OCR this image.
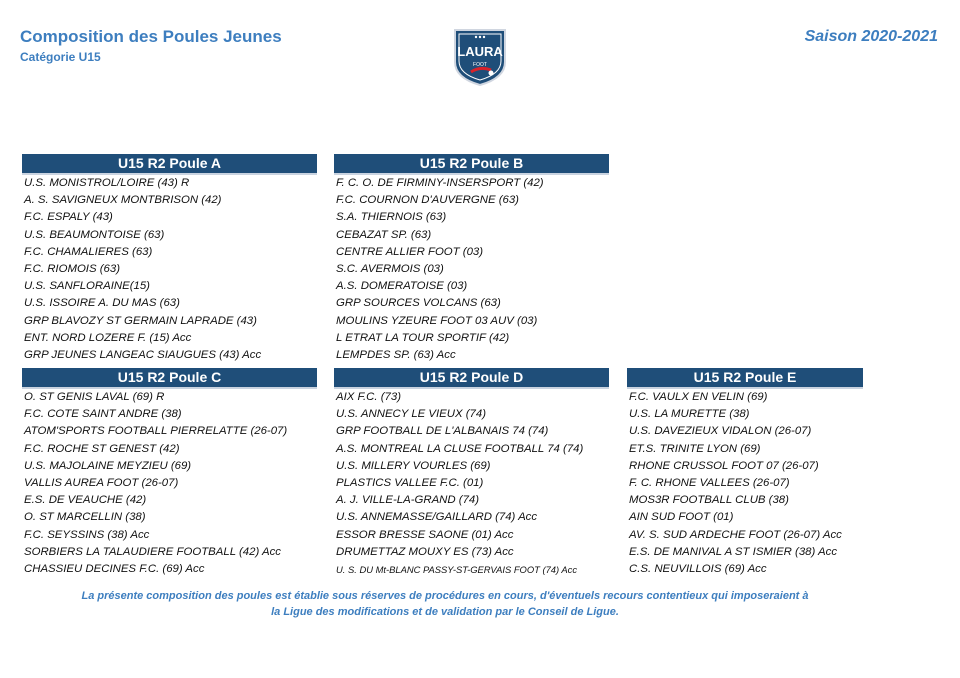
Composition des Poules Jeunes
Catégorie U15
Saison 2020-2021
LAURA
FOOT
U15 R2 Poule A
U.S. MONISTROL/LOIRE (43) R
A. S. SAVIGNEUX MONTBRISON (42)
F.C. ESPALY (43)
U.S. BEAUMONTOISE (63)
F.C. CHAMALIERES (63)
F.C. RIOMOIS (63)
U.S. SANFLORAINE(15)
U.S. ISSOIRE A. DU MAS (63)
GRP BLAVOZY ST GERMAIN LAPRADE (43)
ENT. NORD LOZERE F. (15) Acc
GRP JEUNES LANGEAC SIAUGUES (43) Acc
U15 R2 Poule B
F. C. O. DE FIRMINY-INSERSPORT (42)
F.C. COURNON D'AUVERGNE (63)
S.A. THIERNOIS (63)
CEBAZAT SP. (63)
CENTRE ALLIER FOOT (03)
S.C. AVERMOIS (03)
A.S. DOMERATOISE (03)
GRP SOURCES VOLCANS (63)
MOULINS YZEURE FOOT 03 AUV (03)
L ETRAT LA TOUR SPORTIF (42)
LEMPDES SP. (63) Acc
U15 R2 Poule C
O. ST GENIS LAVAL (69) R
F.C. COTE SAINT ANDRE (38)
ATOM'SPORTS FOOTBALL PIERRELATTE (26-07)
F.C. ROCHE ST GENEST (42)
U.S. MAJOLAINE MEYZIEU (69)
VALLIS AUREA FOOT (26-07)
E.S. DE VEAUCHE (42)
O. ST MARCELLIN (38)
F.C. SEYSSINS (38) Acc
SORBIERS LA TALAUDIERE FOOTBALL (42) Acc
CHASSIEU DECINES F.C. (69) Acc
U15 R2 Poule D
AIX F.C. (73)
U.S. ANNECY LE VIEUX (74)
GRP FOOTBALL DE L'ALBANAIS 74 (74)
A.S. MONTREAL LA CLUSE FOOTBALL 74 (74)
U.S. MILLERY VOURLES (69)
PLASTICS VALLEE F.C. (01)
A. J. VILLE-LA-GRAND (74)
U.S. ANNEMASSE/GAILLARD (74) Acc
ESSOR BRESSE SAONE (01) Acc
DRUMETTAZ MOUXY ES (73) Acc
U. S. DU Mt-BLANC PASSY-ST-GERVAIS FOOT (74) Acc
U15 R2 Poule E
F.C. VAULX EN VELIN (69)
U.S. LA MURETTE (38)
U.S. DAVEZIEUX VIDALON (26-07)
ET.S. TRINITE LYON (69)
RHONE CRUSSOL FOOT 07 (26-07)
F. C. RHONE VALLEES (26-07)
MOS3R FOOTBALL CLUB (38)
AIN SUD FOOT (01)
AV. S. SUD ARDECHE FOOT (26-07) Acc
E.S. DE MANIVAL A ST ISMIER (38) Acc
C.S. NEUVILLOIS (69) Acc
La présente composition des poules est établie sous réserves de procédures en cours, d'éventuels recours contentieux qui imposeraient à
la Ligue des modifications et de validation par le Conseil de Ligue.
